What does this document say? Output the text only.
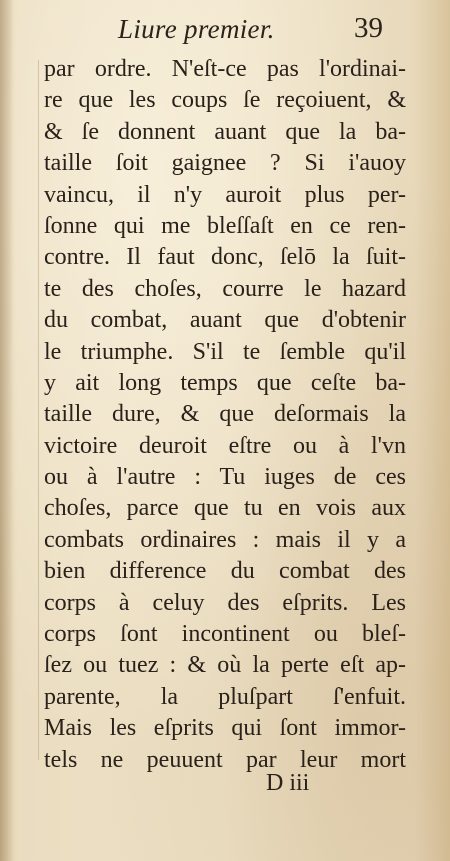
Liure premier.	39
par ordre. N'eſt-ce pas l'ordinai-
re que les coups ſe reçoiuent, &
& ſe donnent auant que la ba-
taille ſoit gaignee ? Si i'auoy
vaincu, il n'y auroit plus per-
ſonne qui me bleſſaſt en ce ren-
contre. Il faut donc, ſelō la ſuit-
te des choſes, courre le hazard
du combat, auant que d'obtenir
le triumphe. S'il te ſemble qu'il
y ait long temps que ceſte ba-
taille dure, & que deſormais la
victoire deuroit eſtre ou à l'vn
ou à l'autre : Tu iuges de ces
choſes, parce que tu en vois aux
combats ordinaires : mais il y a
bien difference du combat des
corps à celuy des eſprits. Les
corps ſont incontinent ou bleſ-
ſez ou tuez : & où la perte eſt ap-
parente, la pluſpart ſ'enfuit.
Mais les eſprits qui ſont immor-
tels ne peuuent par leur mort
D iii
